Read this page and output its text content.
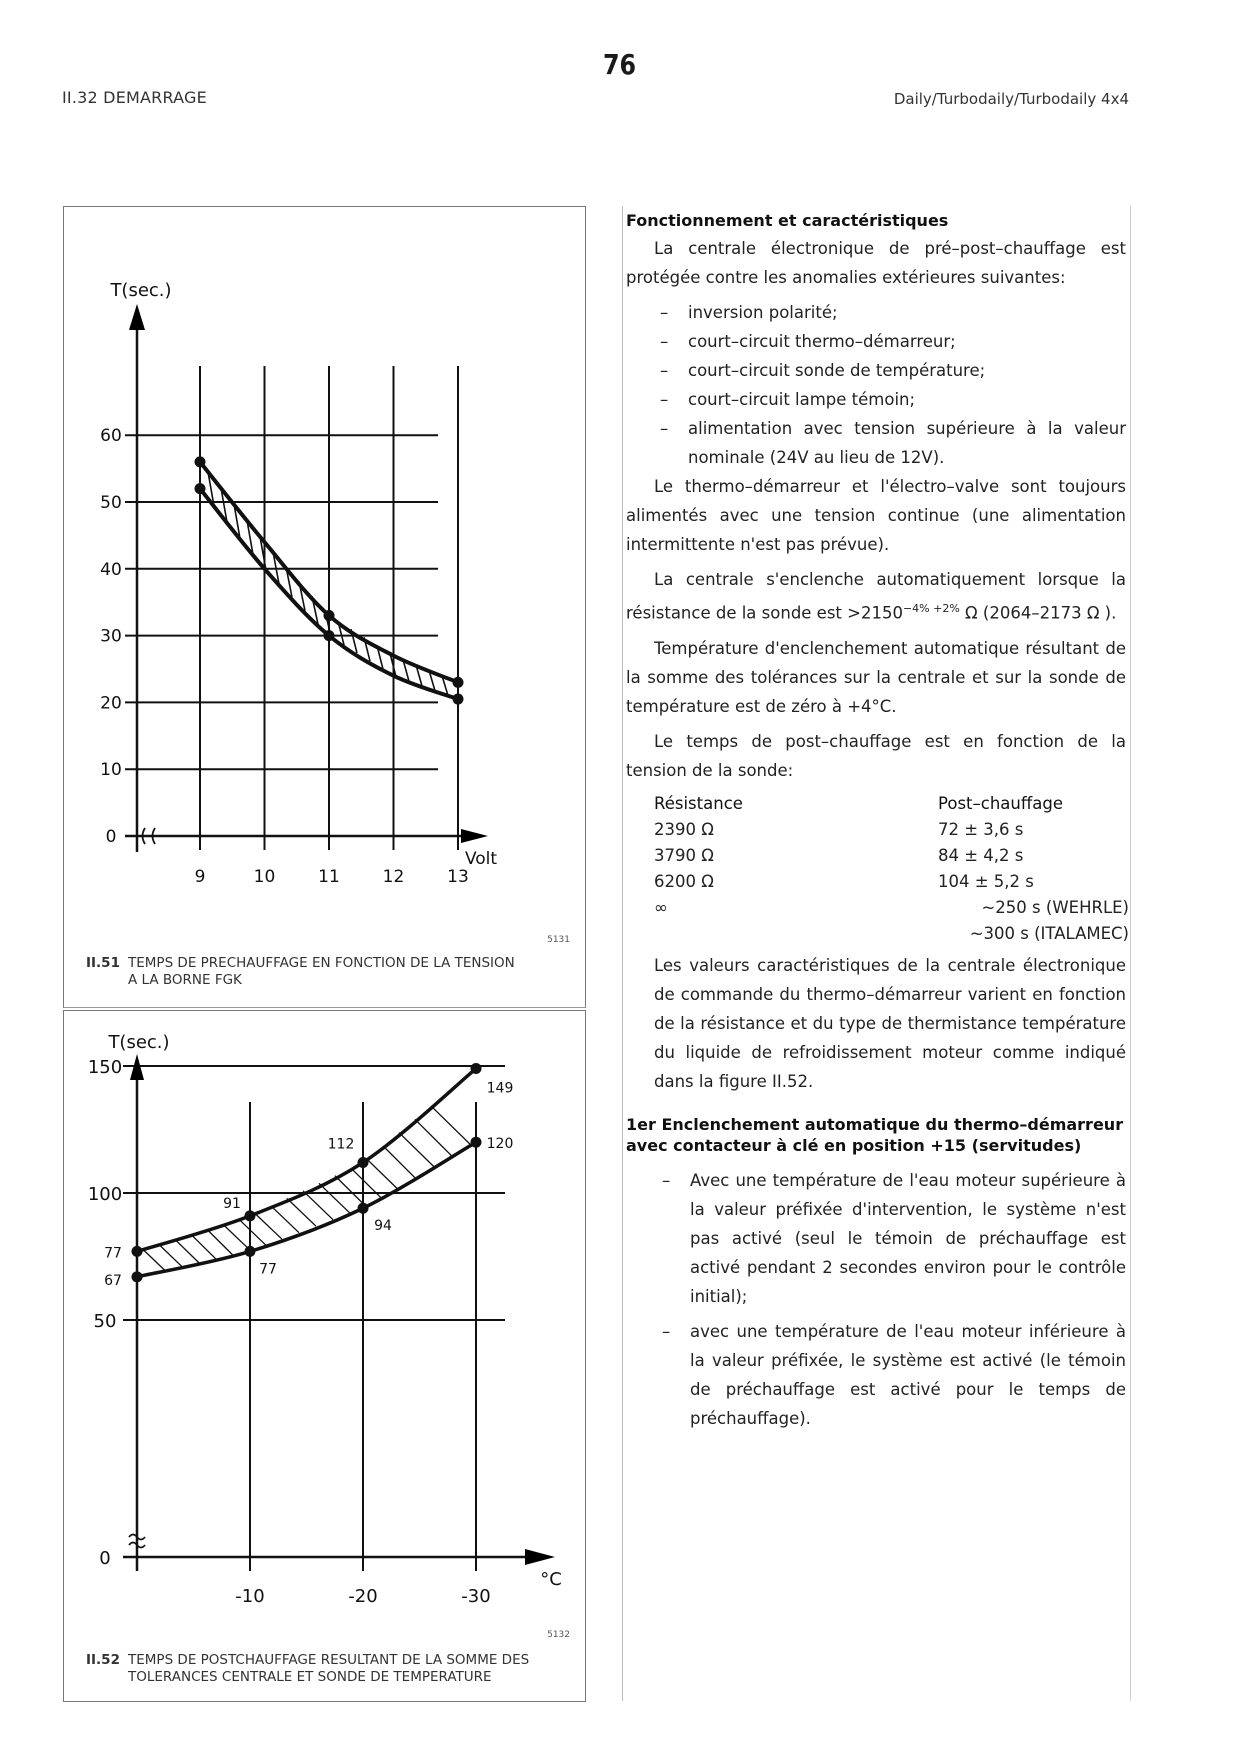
76
II.32 DEMARRAGE	Daily/Turbodaily/Turbodaily 4x4
0
10
20
30
40
50
60
9	10	11	12	13
T(sec.)
Volt
5131
II.51 TEMPS DE PRECHAUFFAGE EN FONCTION DE LA TENSION
A LA BORNE FGK
0
50
100
150
-10	-20	-30
T(sec.)
°C
77
67
91
77
112
94
149
120
5132
II.52 TEMPS DE POSTCHAUFFAGE RESULTANT DE LA SOMME DES
TOLERANCES CENTRALE ET SONDE DE TEMPERATURE
Fonctionnement et caractéristiques
La centrale électronique de pré–post–chauffage est protégée contre les anomalies extérieures suivantes:
– inversion polarité;
– court–circuit thermo–démarreur;
– court–circuit sonde de température;
– court–circuit lampe témoin;
– alimentation avec tension supérieure à la valeur nominale (24V au lieu de 12V).
Le thermo–démarreur et l'électro–valve sont toujours alimentés avec une tension continue (une alimentation intermittente n'est pas prévue).
La centrale s'enclenche automatiquement lorsque la résistance de la sonde est $>2150^{-4\% +2\%}$ Ω (2064–2173 Ω ).
Température d'enclenchement automatique résultant de la somme des tolérances sur la centrale et sur la sonde de température est de zéro à +4°C.
Le temps de post–chauffage est en fonction de la tension de la sonde:
Résistance	Post–chauffage
2390 Ω	72 ± 3,6 s
3790 Ω	84 ± 4,2 s
6200 Ω	104 ± 5,2 s
∞	~250 s (WEHRLE)
	~300 s (ITALAMEC)
Les valeurs caractéristiques de la centrale électronique de commande du thermo–démarreur varient en fonction de la résistance et du type de thermistance température du liquide de refroidissement moteur comme indiqué dans la figure II.52.
1er Enclenchement automatique du thermo–démarreur avec contacteur à clé en position +15 (servitudes)
– Avec une température de l'eau moteur supérieure à la valeur préfixée d'intervention, le système n'est pas activé (seul le témoin de préchauffage est activé pendant 2 secondes environ pour le contrôle initial);
– avec une température de l'eau moteur inférieure à la valeur préfixée, le système est activé (le témoin de préchauffage est activé pour le temps de préchauffage).
